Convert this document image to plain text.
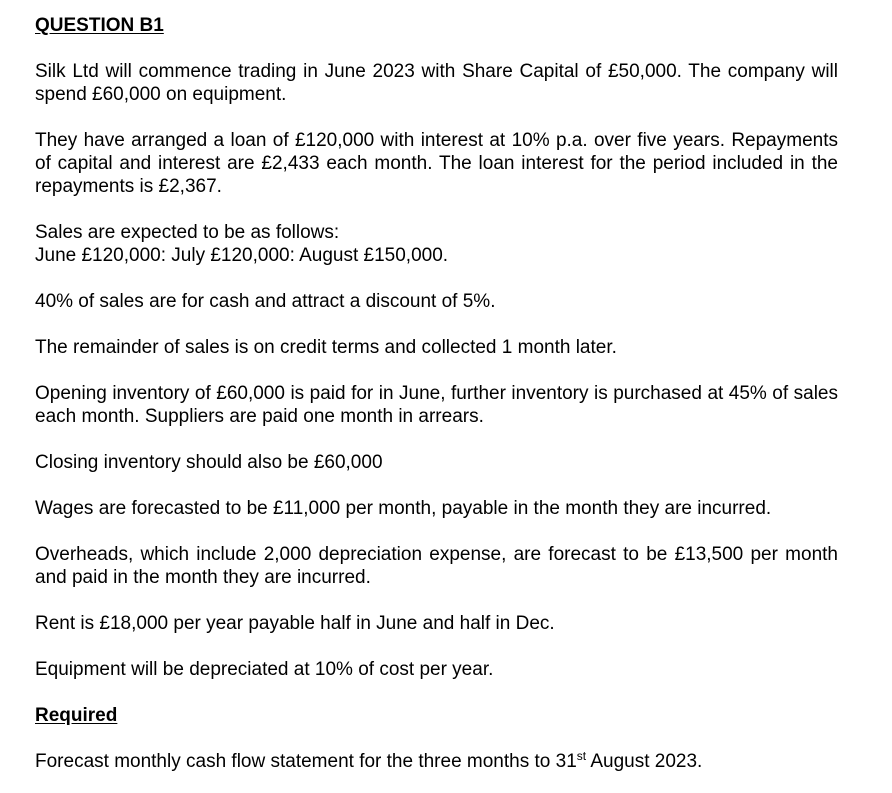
QUESTION B1

Silk Ltd will commence trading in June 2023 with Share Capital of £50,000. The company will spend £60,000 on equipment.

They have arranged a loan of £120,000 with interest at 10% p.a. over five years. Repayments of capital and interest are £2,433 each month. The loan interest for the period included in the repayments is £2,367.

Sales are expected to be as follows:

June £120,000: July £120,000: August £150,000.

40% of sales are for cash and attract a discount of 5%.

The remainder of sales is on credit terms and collected 1 month later.

Opening inventory of £60,000 is paid for in June, further inventory is purchased at 45% of sales each month. Suppliers are paid one month in arrears.

Closing inventory should also be £60,000

Wages are forecasted to be £11,000 per month, payable in the month they are incurred.

Overheads, which include 2,000 depreciation expense, are forecast to be £13,500 per month and paid in the month they are incurred.

Rent is £18,000 per year payable half in June and half in Dec.

Equipment will be depreciated at 10% of cost per year.

Required

Forecast monthly cash flow statement for the three months to 31st August 2023.
